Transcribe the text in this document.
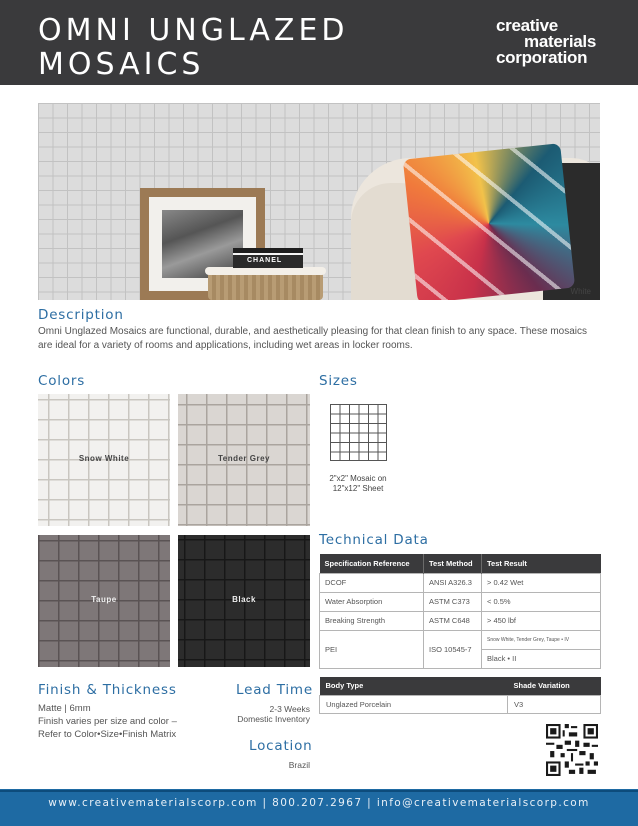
OMNI UNGLAZED
MOSAICS
creative
materials
corporation
CHANEL
White
Description
Omni Unglazed Mosaics are functional, durable, and aesthetically pleasing for that clean finish to any space. These mosaics are ideal for a variety of rooms and applications, including wet areas in locker rooms.
Colors
Snow White	Tender Grey
Taupe	Black
Sizes
2"x2" Mosaic on
12"x12" Sheet
Technical Data
Specification Reference	Test Method	Test Result
DCOF	ANSI A326.3	> 0.42 Wet
Water Absorption	ASTM C373	< 0.5%
Breaking Strength	ASTM C648	> 450 lbf
PEI	ISO 10545-7	Snow White, Tender Grey, Taupe • IV
		Black • II
Body Type	Shade Variation
Unglazed Porcelain	V3
Finish & Thickness
Matte | 6mm
Finish varies per size and color –
Refer to Color•Size•Finish Matrix
Lead Time
2-3 Weeks
Domestic Inventory
Location
Brazil
www.creativematerialscorp.com | 800.207.2967 | info@creativematerialscorp.com
